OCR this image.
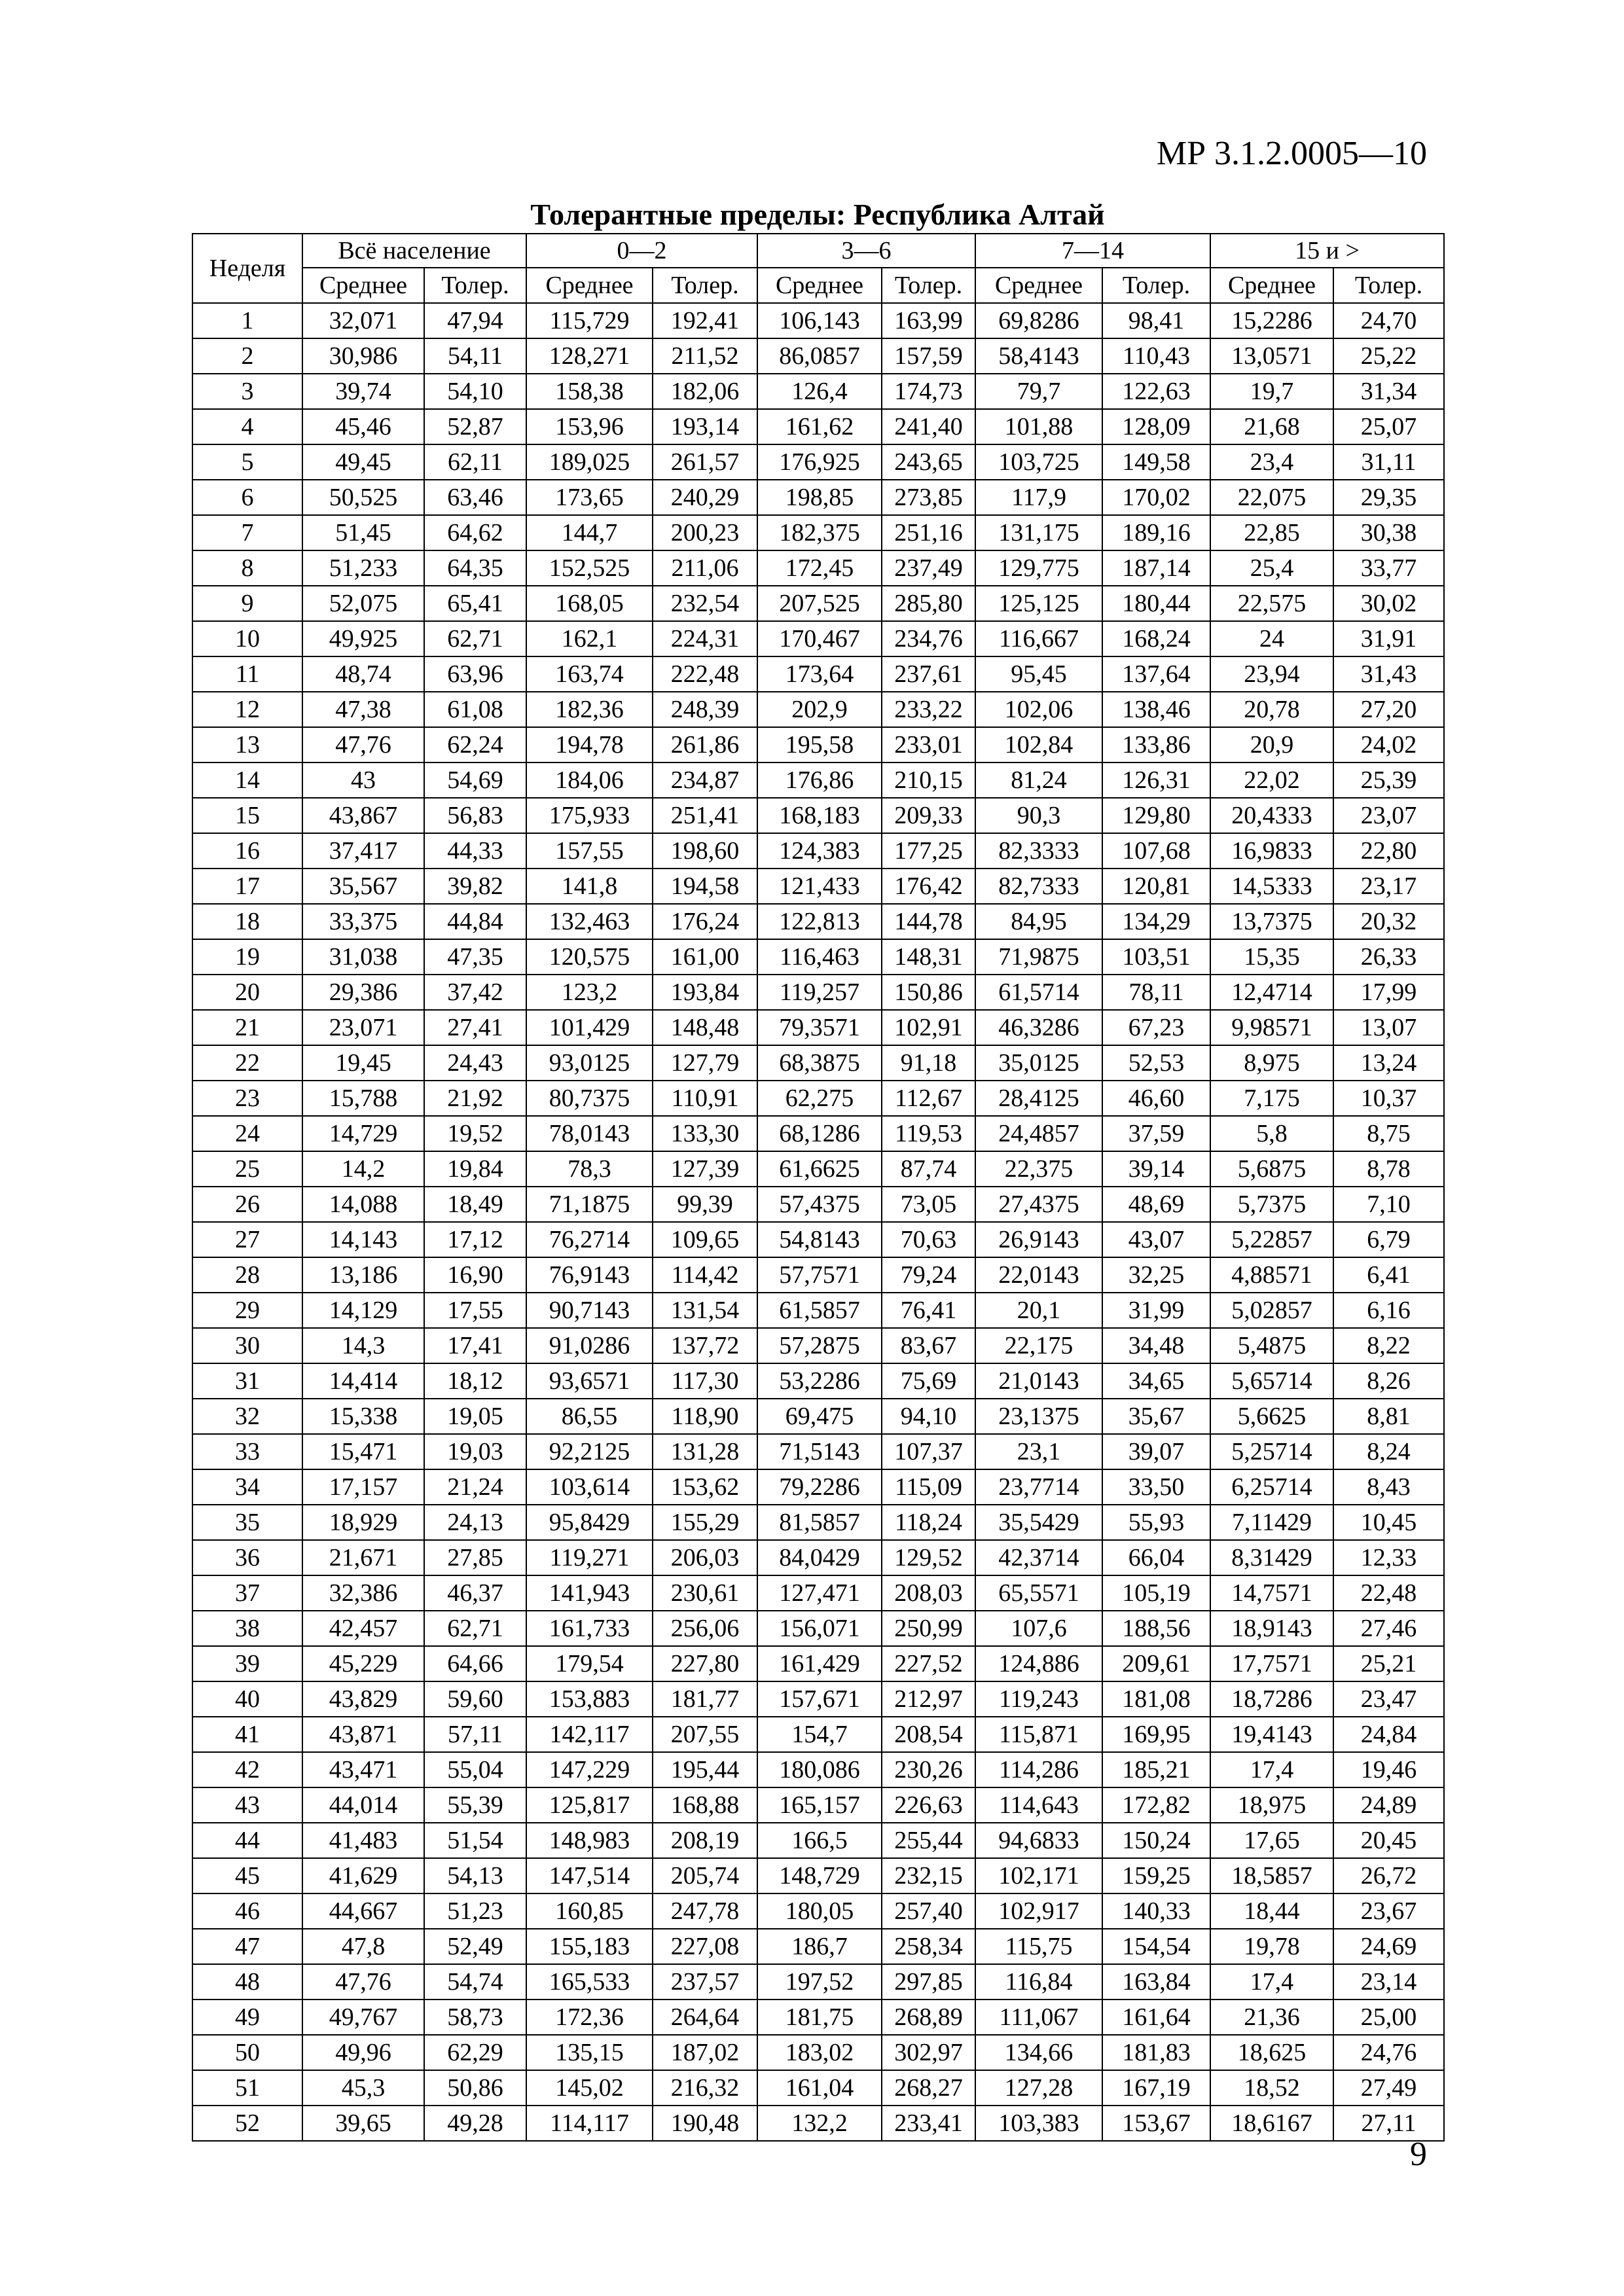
МР 3.1.2.0005—10
Толерантные пределы: Республика Алтай
Неделя	Всё население		0—2		3—6		7—14		15 и >	
	Среднее	Толер.	Среднее	Толер.	Среднее	Толер.	Среднее	Толер.	Среднее	Толер.
1	32,071	47,94	115,729	192,41	106,143	163,99	69,8286	98,41	15,2286	24,70
2	30,986	54,11	128,271	211,52	86,0857	157,59	58,4143	110,43	13,0571	25,22
3	39,74	54,10	158,38	182,06	126,4	174,73	79,7	122,63	19,7	31,34
4	45,46	52,87	153,96	193,14	161,62	241,40	101,88	128,09	21,68	25,07
5	49,45	62,11	189,025	261,57	176,925	243,65	103,725	149,58	23,4	31,11
6	50,525	63,46	173,65	240,29	198,85	273,85	117,9	170,02	22,075	29,35
7	51,45	64,62	144,7	200,23	182,375	251,16	131,175	189,16	22,85	30,38
8	51,233	64,35	152,525	211,06	172,45	237,49	129,775	187,14	25,4	33,77
9	52,075	65,41	168,05	232,54	207,525	285,80	125,125	180,44	22,575	30,02
10	49,925	62,71	162,1	224,31	170,467	234,76	116,667	168,24	24	31,91
11	48,74	63,96	163,74	222,48	173,64	237,61	95,45	137,64	23,94	31,43
12	47,38	61,08	182,36	248,39	202,9	233,22	102,06	138,46	20,78	27,20
13	47,76	62,24	194,78	261,86	195,58	233,01	102,84	133,86	20,9	24,02
14	43	54,69	184,06	234,87	176,86	210,15	81,24	126,31	22,02	25,39
15	43,867	56,83	175,933	251,41	168,183	209,33	90,3	129,80	20,4333	23,07
16	37,417	44,33	157,55	198,60	124,383	177,25	82,3333	107,68	16,9833	22,80
17	35,567	39,82	141,8	194,58	121,433	176,42	82,7333	120,81	14,5333	23,17
18	33,375	44,84	132,463	176,24	122,813	144,78	84,95	134,29	13,7375	20,32
19	31,038	47,35	120,575	161,00	116,463	148,31	71,9875	103,51	15,35	26,33
20	29,386	37,42	123,2	193,84	119,257	150,86	61,5714	78,11	12,4714	17,99
21	23,071	27,41	101,429	148,48	79,3571	102,91	46,3286	67,23	9,98571	13,07
22	19,45	24,43	93,0125	127,79	68,3875	91,18	35,0125	52,53	8,975	13,24
23	15,788	21,92	80,7375	110,91	62,275	112,67	28,4125	46,60	7,175	10,37
24	14,729	19,52	78,0143	133,30	68,1286	119,53	24,4857	37,59	5,8	8,75
25	14,2	19,84	78,3	127,39	61,6625	87,74	22,375	39,14	5,6875	8,78
26	14,088	18,49	71,1875	99,39	57,4375	73,05	27,4375	48,69	5,7375	7,10
27	14,143	17,12	76,2714	109,65	54,8143	70,63	26,9143	43,07	5,22857	6,79
28	13,186	16,90	76,9143	114,42	57,7571	79,24	22,0143	32,25	4,88571	6,41
29	14,129	17,55	90,7143	131,54	61,5857	76,41	20,1	31,99	5,02857	6,16
30	14,3	17,41	91,0286	137,72	57,2875	83,67	22,175	34,48	5,4875	8,22
31	14,414	18,12	93,6571	117,30	53,2286	75,69	21,0143	34,65	5,65714	8,26
32	15,338	19,05	86,55	118,90	69,475	94,10	23,1375	35,67	5,6625	8,81
33	15,471	19,03	92,2125	131,28	71,5143	107,37	23,1	39,07	5,25714	8,24
34	17,157	21,24	103,614	153,62	79,2286	115,09	23,7714	33,50	6,25714	8,43
35	18,929	24,13	95,8429	155,29	81,5857	118,24	35,5429	55,93	7,11429	10,45
36	21,671	27,85	119,271	206,03	84,0429	129,52	42,3714	66,04	8,31429	12,33
37	32,386	46,37	141,943	230,61	127,471	208,03	65,5571	105,19	14,7571	22,48
38	42,457	62,71	161,733	256,06	156,071	250,99	107,6	188,56	18,9143	27,46
39	45,229	64,66	179,54	227,80	161,429	227,52	124,886	209,61	17,7571	25,21
40	43,829	59,60	153,883	181,77	157,671	212,97	119,243	181,08	18,7286	23,47
41	43,871	57,11	142,117	207,55	154,7	208,54	115,871	169,95	19,4143	24,84
42	43,471	55,04	147,229	195,44	180,086	230,26	114,286	185,21	17,4	19,46
43	44,014	55,39	125,817	168,88	165,157	226,63	114,643	172,82	18,975	24,89
44	41,483	51,54	148,983	208,19	166,5	255,44	94,6833	150,24	17,65	20,45
45	41,629	54,13	147,514	205,74	148,729	232,15	102,171	159,25	18,5857	26,72
46	44,667	51,23	160,85	247,78	180,05	257,40	102,917	140,33	18,44	23,67
47	47,8	52,49	155,183	227,08	186,7	258,34	115,75	154,54	19,78	24,69
48	47,76	54,74	165,533	237,57	197,52	297,85	116,84	163,84	17,4	23,14
49	49,767	58,73	172,36	264,64	181,75	268,89	111,067	161,64	21,36	25,00
50	49,96	62,29	135,15	187,02	183,02	302,97	134,66	181,83	18,625	24,76
51	45,3	50,86	145,02	216,32	161,04	268,27	127,28	167,19	18,52	27,49
52	39,65	49,28	114,117	190,48	132,2	233,41	103,383	153,67	18,6167	27,11
9
